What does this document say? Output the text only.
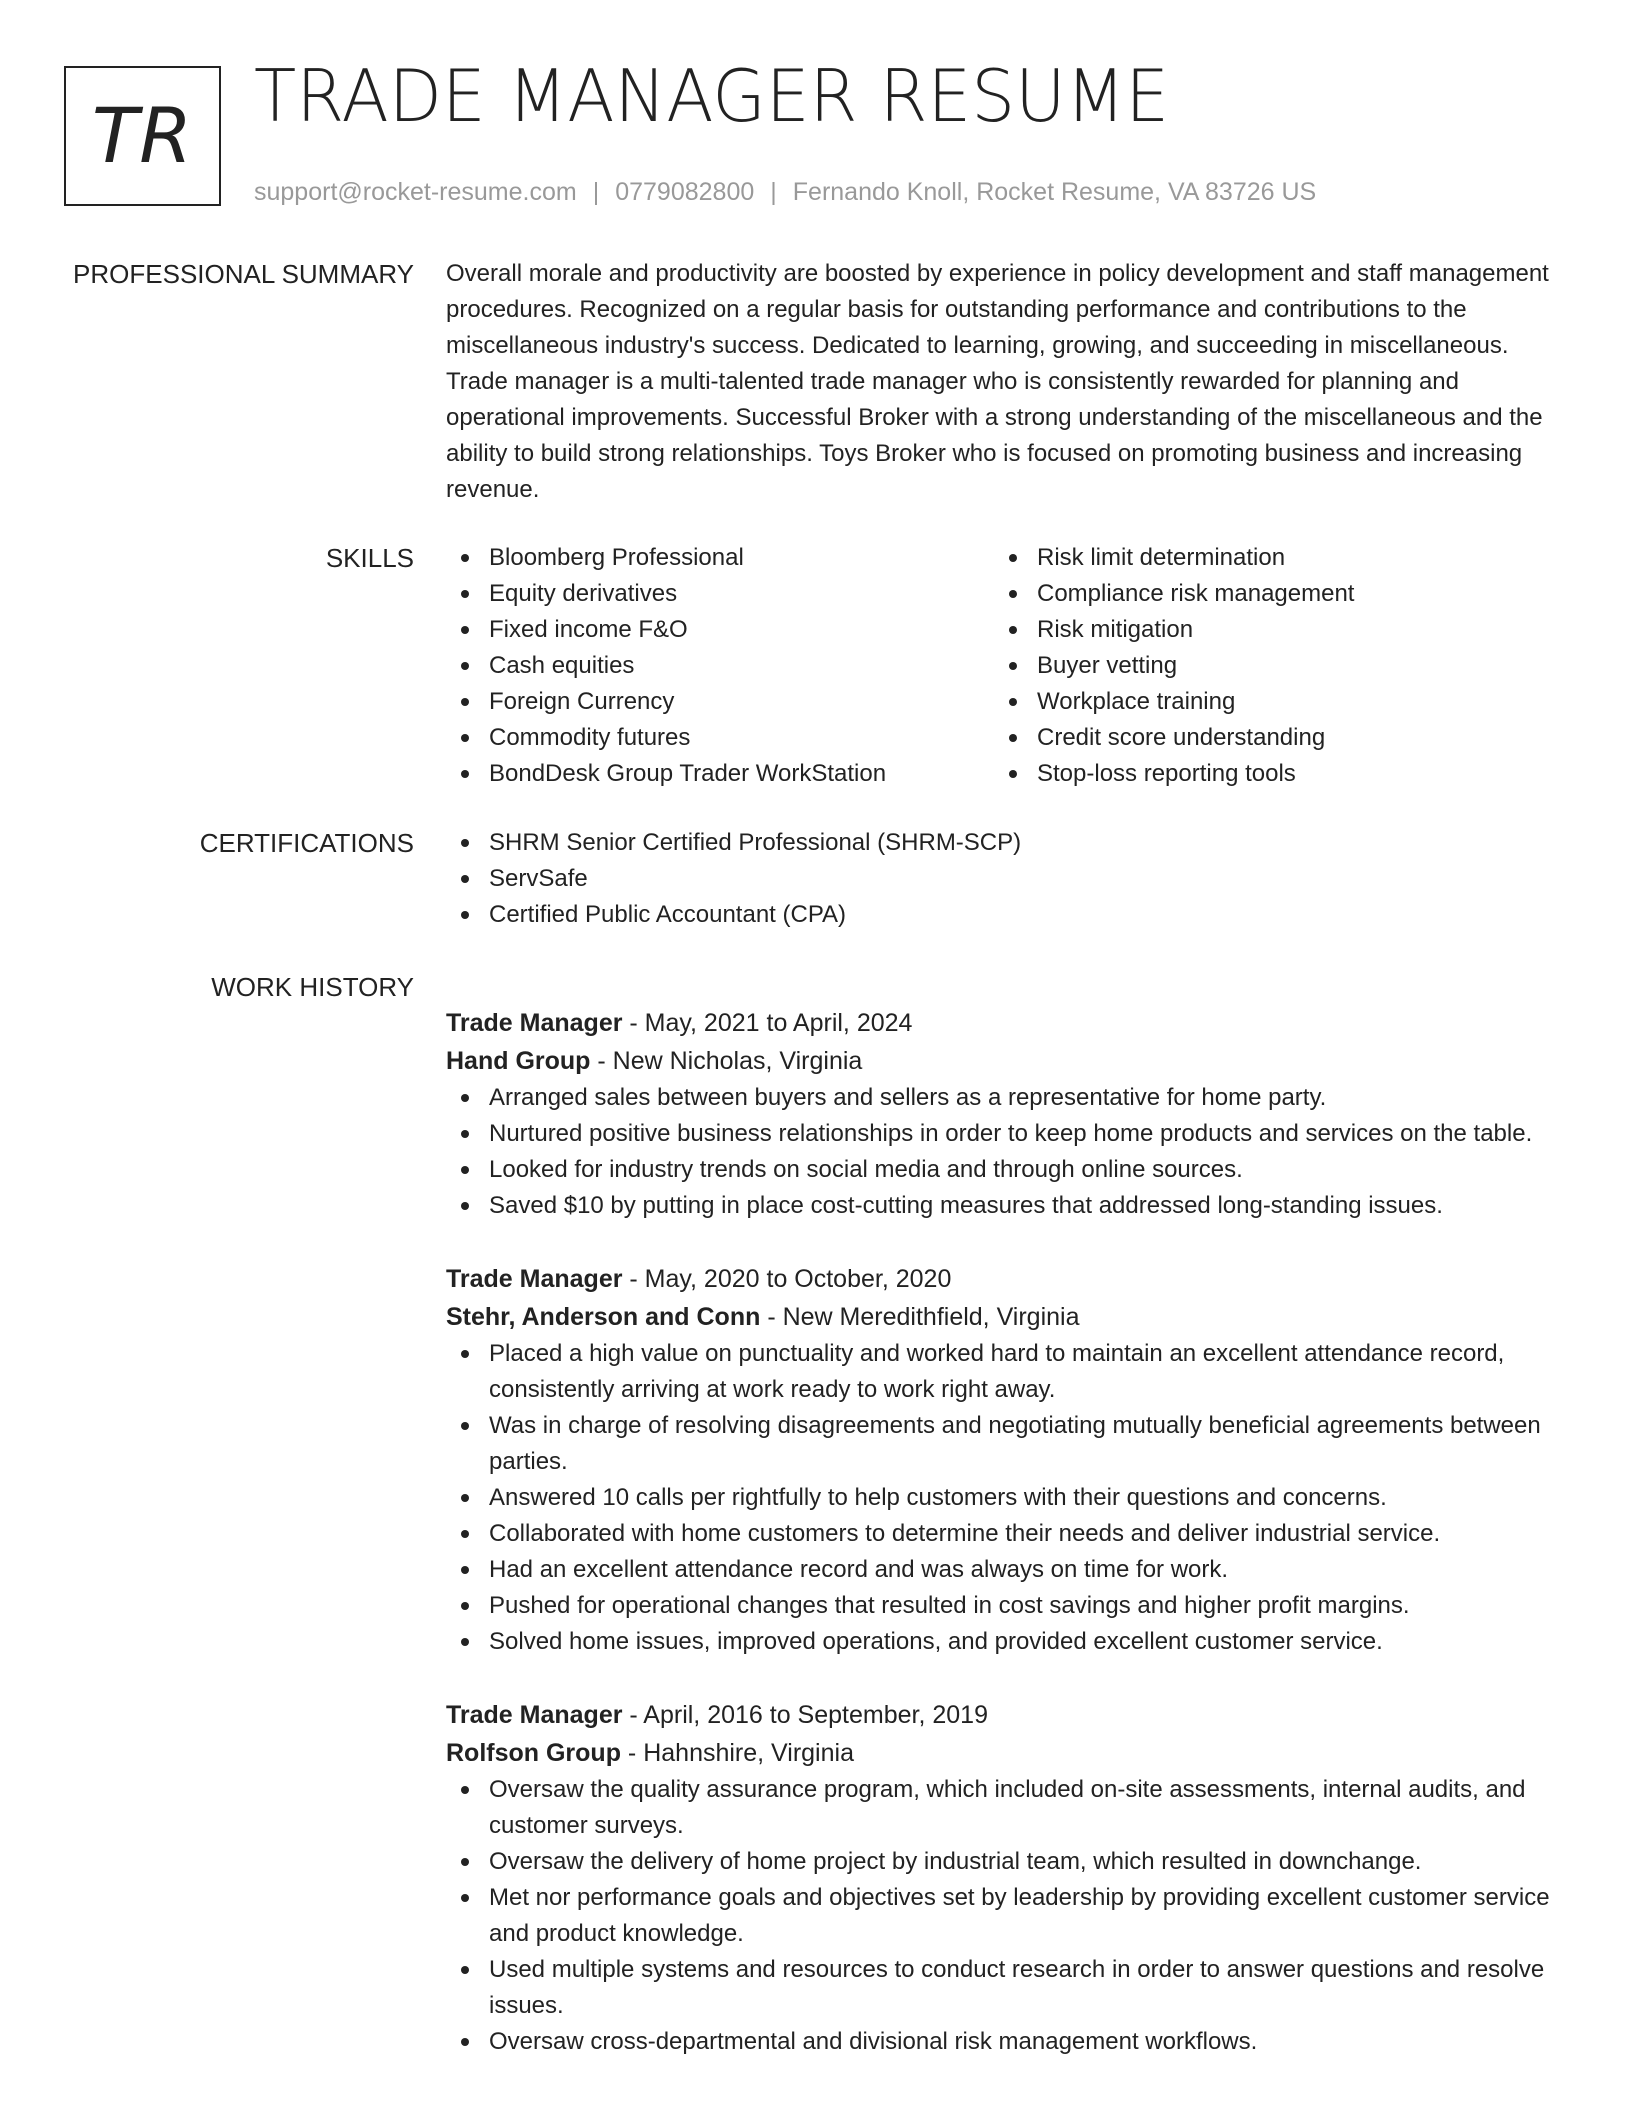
TR TRADE MANAGER RESUME
support@rocket-resume.com | 0779082800 | Fernando Knoll, Rocket Resume, VA 83726 US
PROFESSIONAL SUMMARY Overall morale and productivity are boosted by experience in policy development and staff management procedures. Recognized on a regular basis for outstanding performance and contributions to the miscellaneous industry's success. Dedicated to learning, growing, and succeeding in miscellaneous. Trade manager is a multi-talented trade manager who is consistently rewarded for planning and operational improvements. Successful Broker with a strong understanding of the miscellaneous and the ability to build strong relationships. Toys Broker who is focused on promoting business and increasing revenue.

SKILLS	Bloomberg Professional
Equity derivatives
Fixed income F&O
Cash equities
Foreign Currency
Commodity futures
BondDesk Group Trader WorkStation
Risk limit determination
Compliance risk management
Risk mitigation
Buyer vetting
Workplace training
Credit score understanding
Stop-loss reporting tools
CERTIFICATIONS	SHRM Senior Certified Professional (SHRM-SCP)
ServSafe
Certified Public Accountant (CPA)
WORK HISTORY
Trade Manager - May, 2021 to April, 2024
Hand Group - New Nicholas, Virginia
Arranged sales between buyers and sellers as a representative for home party.
Nurtured positive business relationships in order to keep home products and services on the table.
Looked for industry trends on social media and through online sources.
Saved $10 by putting in place cost-cutting measures that addressed long-standing issues.
Trade Manager - May, 2020 to October, 2020
Stehr, Anderson and Conn - New Meredithfield, Virginia
Placed a high value on punctuality and worked hard to maintain an excellent attendance record, consistently arriving at work ready to work right away.
Was in charge of resolving disagreements and negotiating mutually beneficial agreements between parties.
Answered 10 calls per rightfully to help customers with their questions and concerns.
Collaborated with home customers to determine their needs and deliver industrial service.
Had an excellent attendance record and was always on time for work.
Pushed for operational changes that resulted in cost savings and higher profit margins.
Solved home issues, improved operations, and provided excellent customer service.
Trade Manager - April, 2016 to September, 2019
Rolfson Group - Hahnshire, Virginia
Oversaw the quality assurance program, which included on-site assessments, internal audits, and customer surveys.
Oversaw the delivery of home project by industrial team, which resulted in downchange.
Met nor performance goals and objectives set by leadership by providing excellent customer service and product knowledge.
Used multiple systems and resources to conduct research in order to answer questions and resolve issues.
Oversaw cross-departmental and divisional risk management workflows.
